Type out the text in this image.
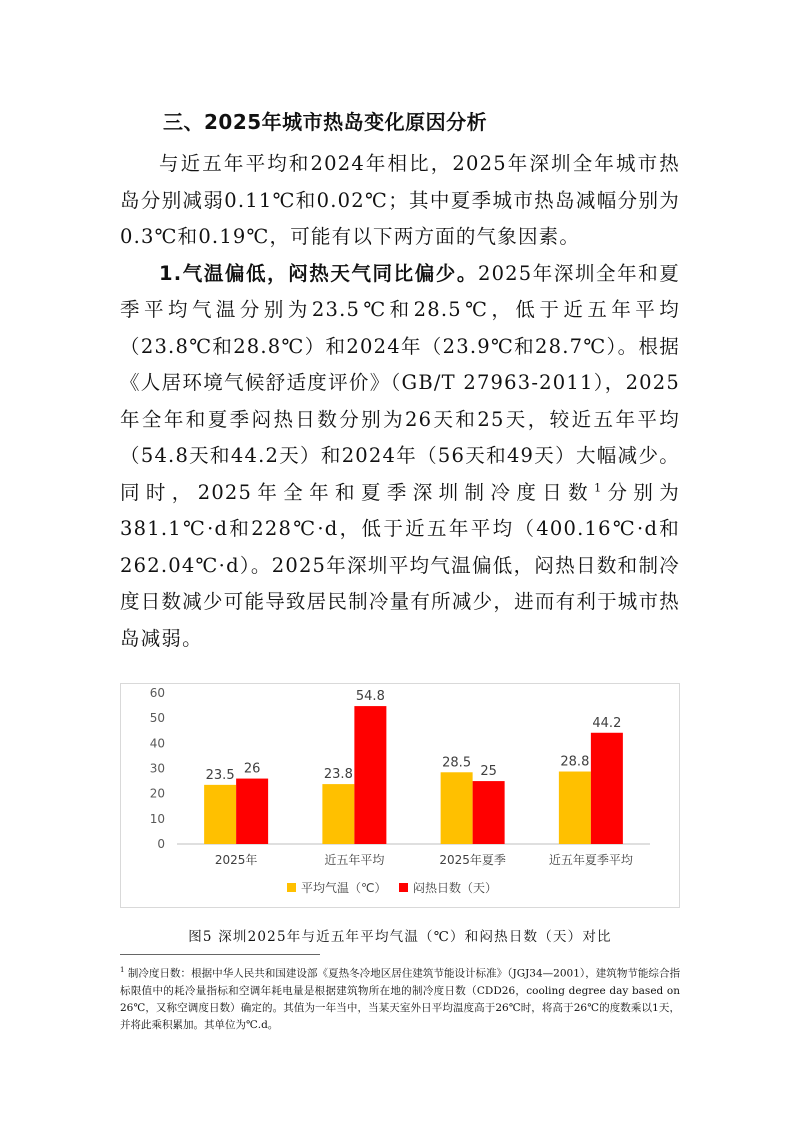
三、2025年城市热岛变化原因分析

与近五年平均和2024年相比，2025年深圳全年城市热岛分别减弱0.11℃和0.02℃；其中夏季城市热岛减幅分别为0.3℃和0.19℃，可能有以下两方面的气象因素。

1.气温偏低，闷热天气同比偏少。2025年深圳全年和夏季平均气温分别为23.5℃和28.5℃，低于近五年平均（23.8℃和28.8℃）和2024年（23.9℃和28.7℃）。根据《人居环境气候舒适度评价》（GB/T 27963-2011），2025年全年和夏季闷热日数分别为26天和25天，较近五年平均（54.8天和44.2天）和2024年（56天和49天）大幅减少。同时，2025年全年和夏季深圳制冷度日数$^1$分别为381.1℃·d和228℃·d，低于近五年平均（400.16℃·d和262.04℃·d）。2025年深圳平均气温偏低，闷热日数和制冷度日数减少可能导致居民制冷量有所减少，进而有利于城市热岛减弱。

0
10
20
30
40
50
60
23.5 26
2025年
23.8
54.8
近五年平均
28.5
25
2025年夏季
28.8
44.2
近五年夏季平均
平均气温（℃） 闷热日数（天）
图5 深圳2025年与近五年平均气温（℃）和闷热日数（天）对比
$^1$ 制冷度日数：根据中华人民共和国建设部《夏热冬冷地区居住建筑节能设计标准》（JGJ34—2001），建筑物节能综合指标限值中的耗冷量指标和空调年耗电量是根据建筑物所在地的制冷度日数（CDD26，cooling degree day based on 26℃，又称空调度日数）确定的。其值为一年当中，当某天室外日平均温度高于26℃时，将高于26℃的度数乘以1天，并将此乘积累加。其单位为℃.d。
